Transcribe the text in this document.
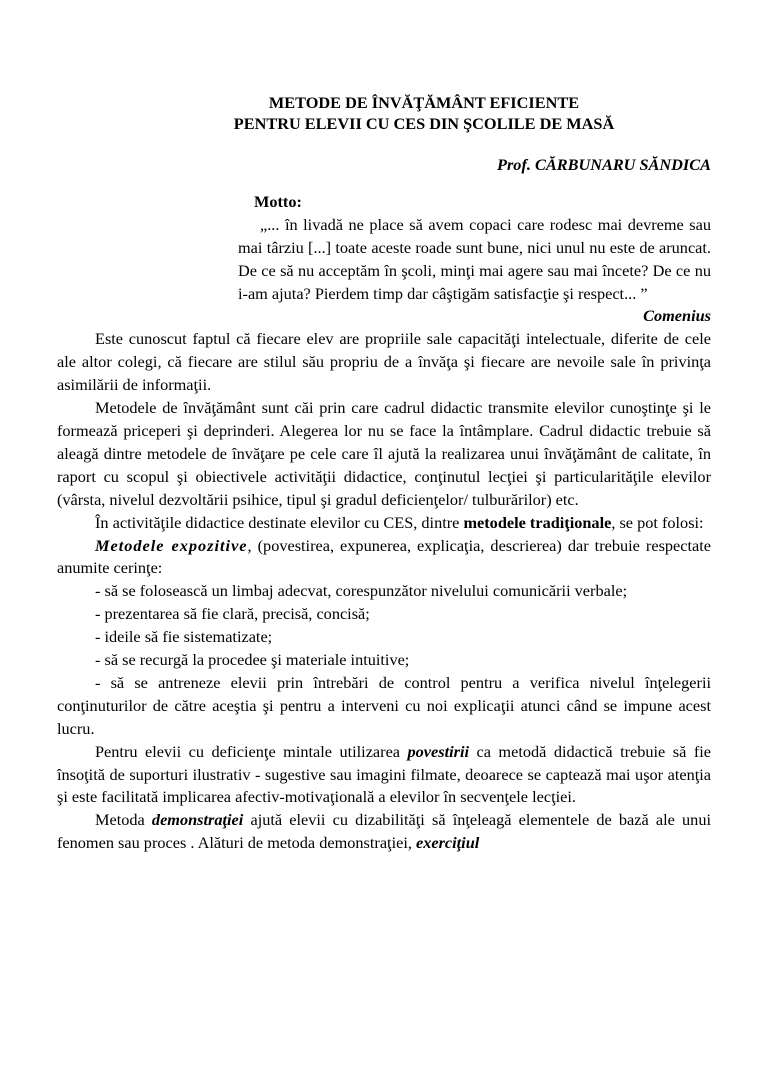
METODE DE ÎNVĂŢĂMÂNT EFICIENTE
PENTRU ELEVII CU CES DIN ŞCOLILE DE MASĂ
Prof. CĂRBUNARU SĂNDICA
Motto:

„... în livadă ne place să avem copaci care rodesc mai devreme sau mai târziu [...] toate aceste roade sunt bune, nici unul nu este de aruncat. De ce să nu acceptăm în şcoli, minţi mai agere sau mai încete? De ce nu i-am ajuta? Pierdem timp dar câştigăm satisfacţie şi respect... ”

Comenius

Este cunoscut faptul că fiecare elev are propriile sale capacităţi intelectuale, diferite de cele ale altor colegi, că fiecare are stilul său propriu de a învăţa şi fiecare are nevoile sale în privinţa asimilării de informaţii.

Metodele de învăţământ sunt căi prin care cadrul didactic transmite elevilor cunoştinţe şi le formează priceperi şi deprinderi. Alegerea lor nu se face la întâmplare. Cadrul didactic trebuie să aleagă dintre metodele de învăţare pe cele care îl ajută la realizarea unui învăţământ de calitate, în raport cu scopul şi obiectivele activităţii didactice, conţinutul lecţiei şi particularităţile elevilor (vârsta, nivelul dezvoltării psihice, tipul şi gradul deficienţelor/ tulburărilor) etc.

În activităţile didactice destinate elevilor cu CES, dintre metodele tradiţionale, se pot folosi:

Metodele expozitive, (povestirea, expunerea, explicaţia, descrierea) dar trebuie respectate anumite cerinţe:

- să se folosească un limbaj adecvat, corespunzător nivelului comunicării verbale;

- prezentarea să fie clară, precisă, concisă;

- ideile să fie sistematizate;

- să se recurgă la procedee şi materiale intuitive;

- să se antreneze elevii prin întrebări de control pentru a verifica nivelul înţelegerii conţinuturilor de către aceştia şi pentru a interveni cu noi explicaţii atunci când se impune acest lucru.

Pentru elevii cu deficienţe mintale utilizarea povestirii ca metodă didactică trebuie să fie însoţită de suporturi ilustrativ - sugestive sau imagini filmate, deoarece se captează mai uşor atenţia şi este facilitată implicarea afectiv-motivaţională a elevilor în secvenţele lecţiei.

Metoda demonstraţiei ajută elevii cu dizabilităţi să înţeleagă elementele de bază ale unui fenomen sau proces . Alături de metoda demonstraţiei, exerciţiul
